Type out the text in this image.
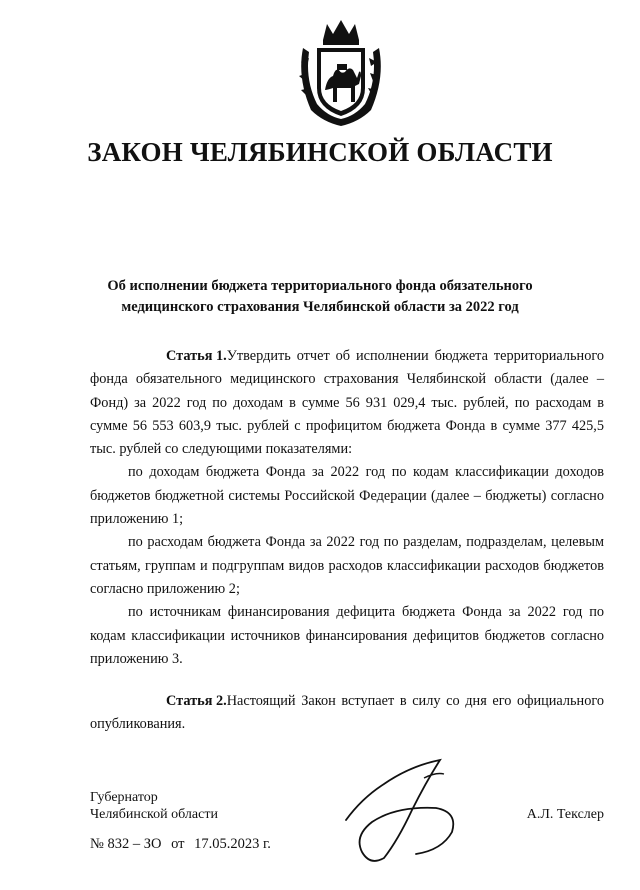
ЗАКОН ЧЕЛЯБИНСКОЙ ОБЛАСТИ
Об исполнении бюджета территориального фонда обязательного
медицинского страхования Челябинской области за 2022 год

Статья 1.Утвердить отчет об исполнении бюджета территориального фонда обязательного медицинского страхования Челябинской области (далее – Фонд) за 2022 год по доходам в сумме 56 931 029,4 тыс. рублей, по расходам в сумме 56 553 603,9 тыс. рублей с профицитом бюджета Фонда в сумме 377 425,5 тыс. рублей со следующими показателями:

по доходам бюджета Фонда за 2022 год по кодам классификации доходов бюджетов бюджетной системы Российской Федерации (далее – бюджеты) согласно приложению 1;

по расходам бюджета Фонда за 2022 год по разделам, подразделам, целевым статьям, группам и подгруппам видов расходов классификации расходов бюджетов согласно приложению 2;

по источникам финансирования дефицита бюджета Фонда за 2022 год по кодам классификации источников финансирования дефицитов бюджетов согласно приложению 3.

Статья 2.Настоящий Закон вступает в силу со дня его официального опубликования.

Губернатор
Челябинской области	А.Л. Текслер
№ 832 – ЗО от 17.05.2023 г.
